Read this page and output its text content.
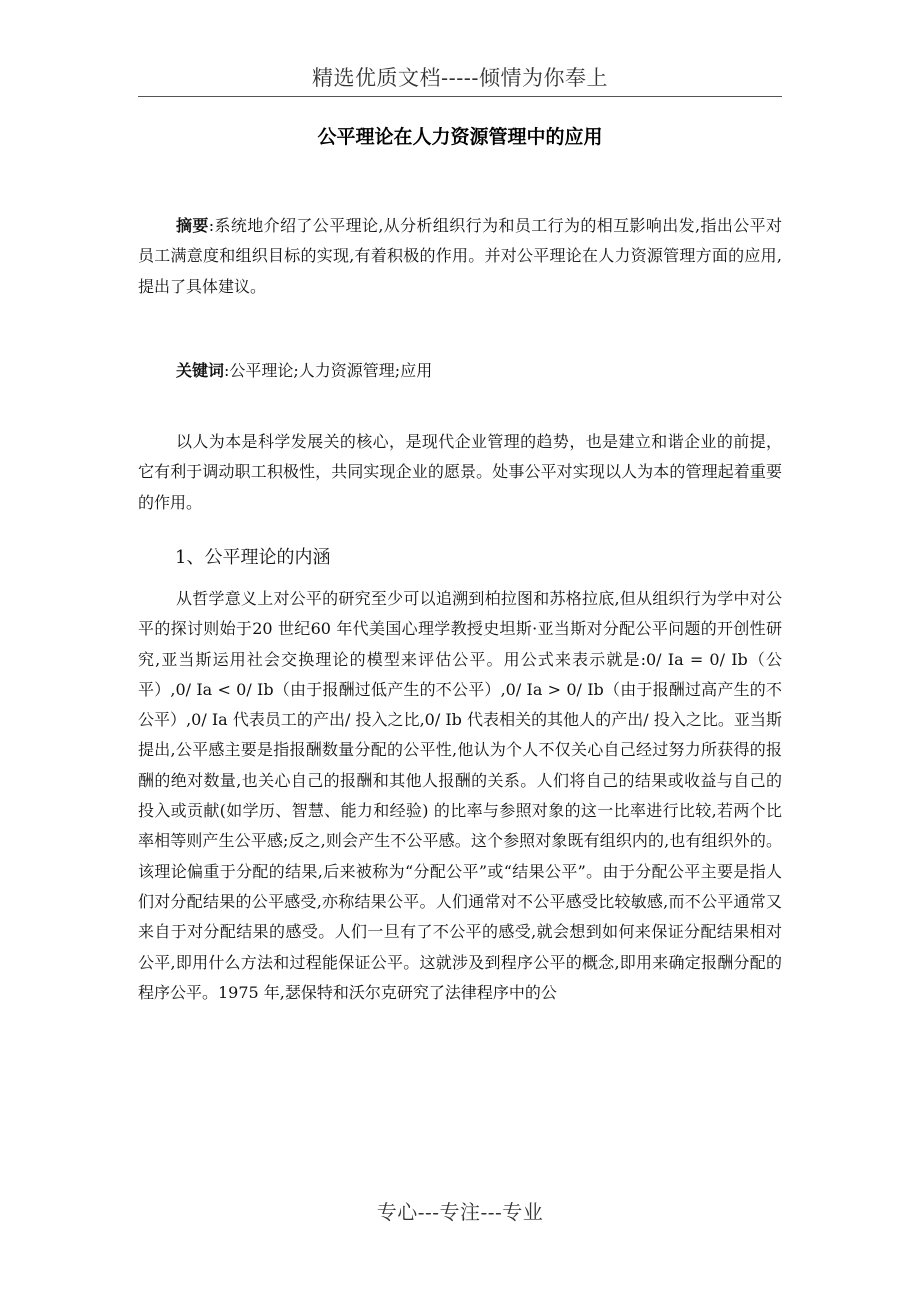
精选优质文档-----倾情为你奉上
公平理论在人力资源管理中的应用

摘要:系统地介绍了公平理论,从分析组织行为和员工行为的相互影响出发,指出公平对员工满意度和组织目标的实现,有着积极的作用。并对公平理论在人力资源管理方面的应用,提出了具体建议。

关键词:公平理论;人力资源管理;应用

以人为本是科学发展关的核心，是现代企业管理的趋势，也是建立和谐企业的前提，它有利于调动职工积极性，共同实现企业的愿景。处事公平对实现以人为本的管理起着重要的作用。

1、公平理论的内涵

从哲学意义上对公平的研究至少可以追溯到柏拉图和苏格拉底,但从组织行为学中对公平的探讨则始于20 世纪60 年代美国心理学教授史坦斯·亚当斯对分配公平问题的开创性研究,亚当斯运用社会交换理论的模型来评估公平。用公式来表示就是:0/ Ia = 0/ Ib（公平）,0/ Ia < 0/ Ib（由于报酬过低产生的不公平）,0/ Ia > 0/ Ib（由于报酬过高产生的不公平）,0/ Ia 代表员工的产出/ 投入之比,0/ Ib 代表相关的其他人的产出/ 投入之比。亚当斯提出,公平感主要是指报酬数量分配的公平性,他认为个人不仅关心自己经过努力所获得的报酬的绝对数量,也关心自己的报酬和其他人报酬的关系。人们将自己的结果或收益与自己的投入或贡献(如学历、智慧、能力和经验) 的比率与参照对象的这一比率进行比较,若两个比率相等则产生公平感;反之,则会产生不公平感。这个参照对象既有组织内的,也有组织外的。该理论偏重于分配的结果,后来被称为“分配公平”或“结果公平”。由于分配公平主要是指人们对分配结果的公平感受,亦称结果公平。人们通常对不公平感受比较敏感,而不公平通常又来自于对分配结果的感受。人们一旦有了不公平的感受,就会想到如何来保证分配结果相对公平,即用什么方法和过程能保证公平。这就涉及到程序公平的概念,即用来确定报酬分配的程序公平。1975 年,瑟保特和沃尔克研究了法律程序中的公

专心---专注---专业
